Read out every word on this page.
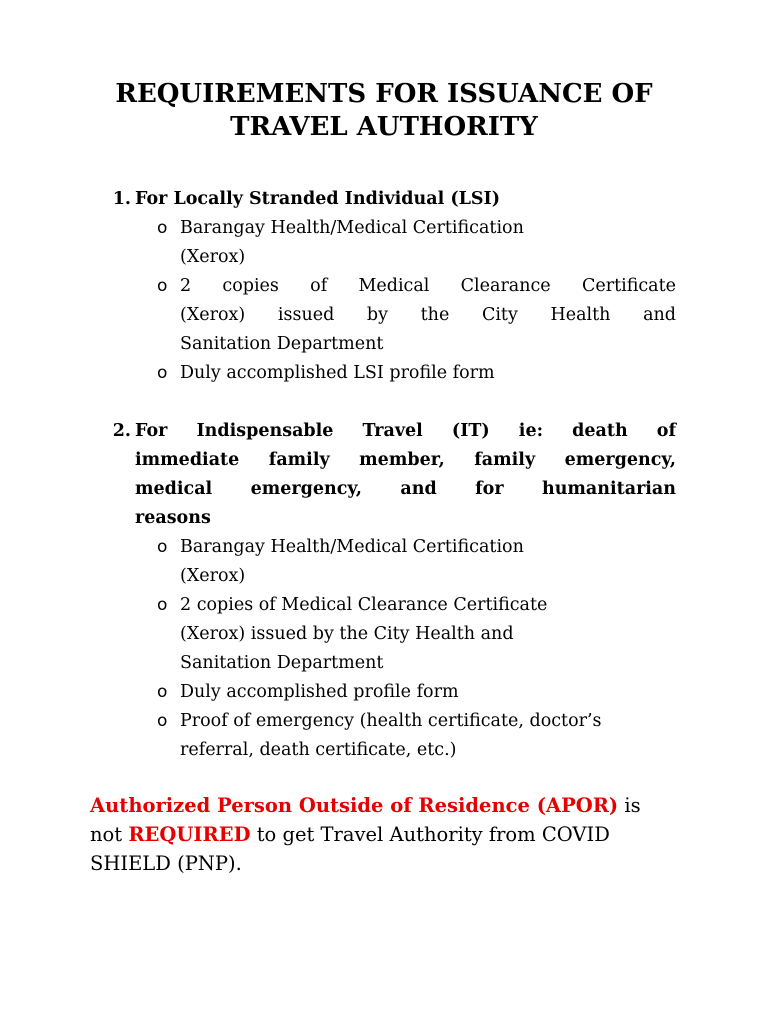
REQUIREMENTS FOR ISSUANCE OF
TRAVEL AUTHORITY
1. For Locally Stranded Individual (LSI)
o Barangay Health/Medical Certification
(Xerox)
o 2 copies of Medical Clearance Certificate
(Xerox) issued by the City Health and
Sanitation Department
o Duly accomplished LSI profile form
2. For Indispensable Travel (IT) ie: death of
immediate family member, family emergency,
medical emergency, and for humanitarian
reasons
o Barangay Health/Medical Certification
(Xerox)
o 2 copies of Medical Clearance Certificate
(Xerox) issued by the City Health and
Sanitation Department
o Duly accomplished profile form
o Proof of emergency (health certificate, doctor’s
referral, death certificate, etc.)
Authorized Person Outside of Residence (APOR) is
not REQUIRED to get Travel Authority from COVID
SHIELD (PNP).
